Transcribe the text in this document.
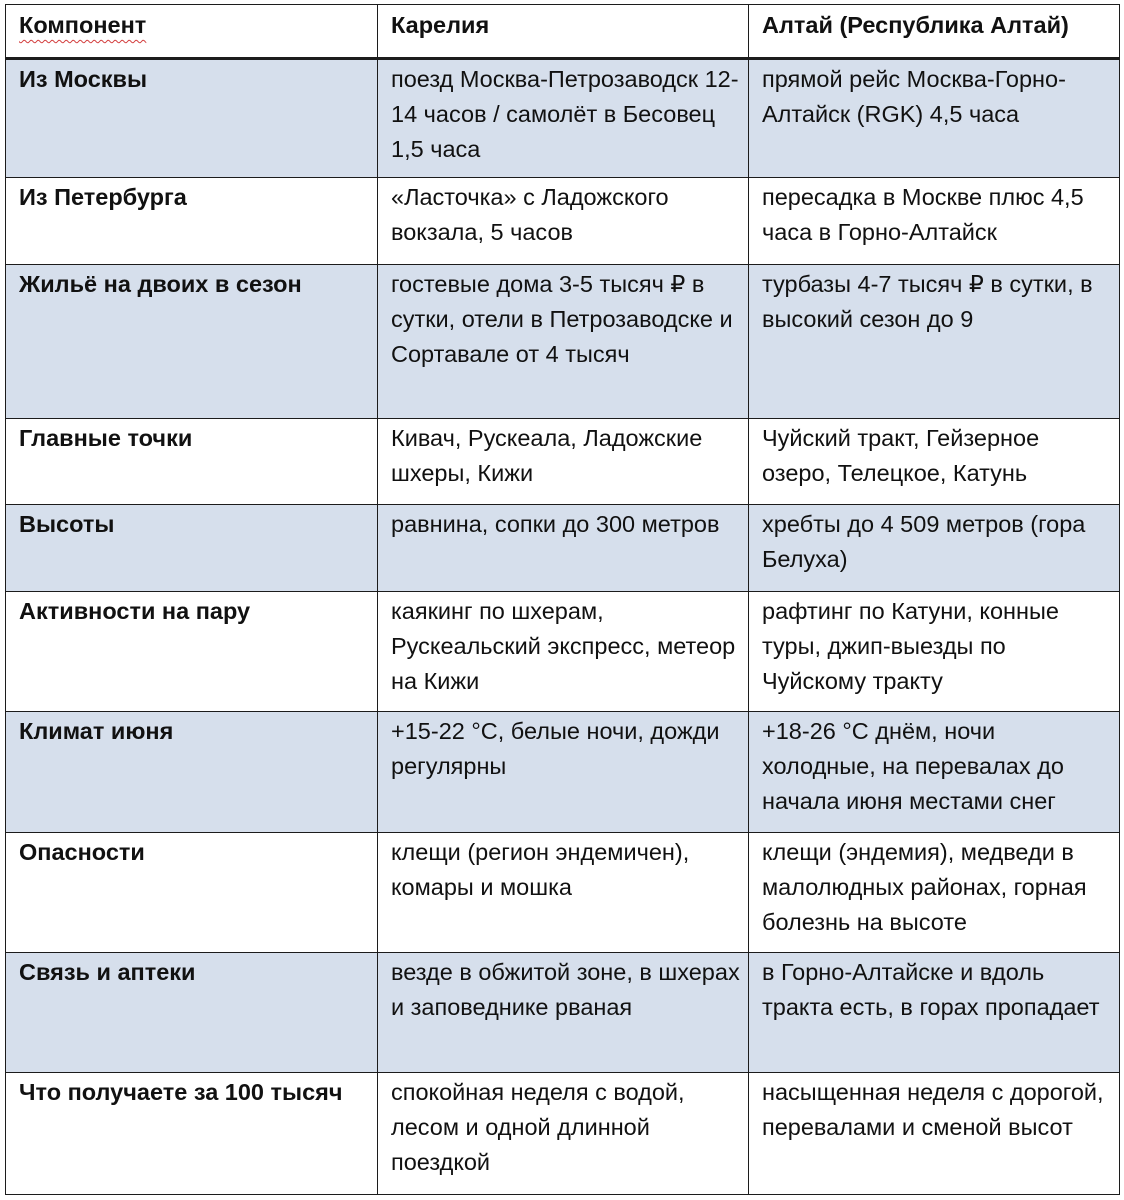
Компонент	Карелия	Алтай (Республика Алтай)
Из Москвы	поезд Москва-Петрозаводск 12-14 часов / самолёт в Бесовец 1,5 часа	прямой рейс Москва-Горно-Алтайск (RGK) 4,5 часа
Из Петербурга	«Ласточка» с Ладожского вокзала, 5 часов	пересадка в Москве плюс 4,5 часа в Горно-Алтайск
Жильё на двоих в сезон	гостевые дома 3-5 тысяч ₽ в сутки, отели в Петрозаводске и Сортавале от 4 тысяч	турбазы 4-7 тысяч ₽ в сутки, в высокий сезон до 9
Главные точки	Кивач, Рускеала, Ладожские шхеры, Кижи	Чуйский тракт, Гейзерное озеро, Телецкое, Катунь
Высоты	равнина, сопки до 300 метров	хребты до 4 509 метров (гора Белуха)
Активности на пару	каякинг по шхерам, Рускеальский экспресс, метеор на Кижи	рафтинг по Катуни, конные туры, джип-выезды по Чуйскому тракту
Климат июня	+15-22 °C, белые ночи, дожди регулярны	+18-26 °C днём, ночи холодные, на перевалах до начала июня местами снег
Опасности	клещи (регион эндемичен), комары и мошка	клещи (эндемия), медведи в малолюдных районах, горная болезнь на высоте
Связь и аптеки	везде в обжитой зоне, в шхерах и заповеднике рваная	в Горно-Алтайске и вдоль тракта есть, в горах пропадает
Что получаете за 100 тысяч	спокойная неделя с водой, лесом и одной длинной поездкой	насыщенная неделя с дорогой, перевалами и сменой высот
